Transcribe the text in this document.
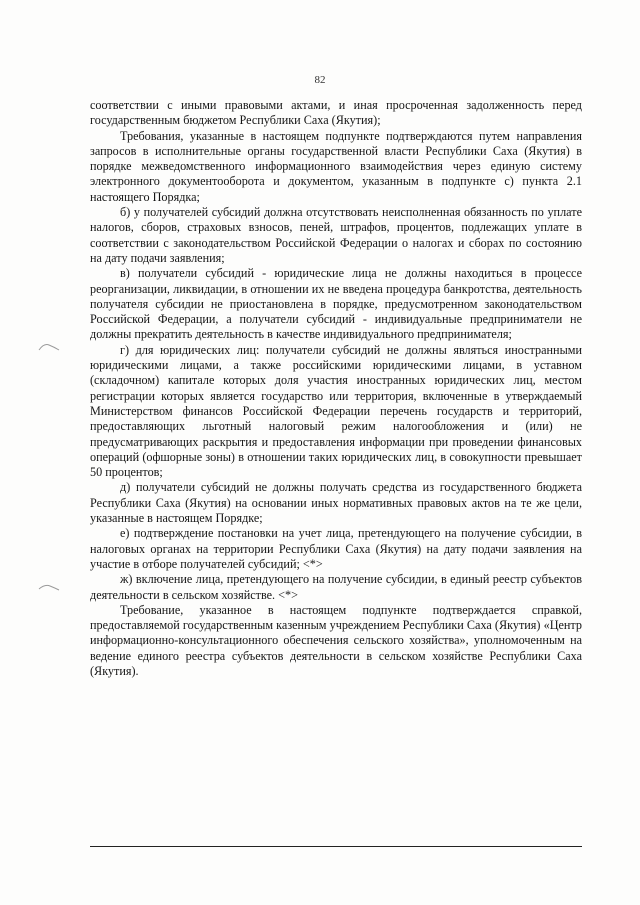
82

соответствии с иными правовыми актами, и иная просроченная задолженность перед государственным бюджетом Республики Саха (Якутия);

Требования, указанные в настоящем подпункте подтверждаются путем направления запросов в исполнительные органы государственной власти Республики Саха (Якутия) в порядке межведомственного информационного взаимодействия через единую систему электронного документооборота и документом, указанным в подпункте с) пункта 2.1 настоящего Порядка;

б) у получателей субсидий должна отсутствовать неисполненная обязанность по уплате налогов, сборов, страховых взносов, пеней, штрафов, процентов, подлежащих уплате в соответствии с законодательством Российской Федерации о налогах и сборах по состоянию на дату подачи заявления;

в) получатели субсидий - юридические лица не должны находиться в процессе реорганизации, ликвидации, в отношении их не введена процедура банкротства, деятельность получателя субсидии не приостановлена в порядке, предусмотренном законодательством Российской Федерации, а получатели субсидий - индивидуальные предприниматели не должны прекратить деятельность в качестве индивидуального предпринимателя;

г) для юридических лиц: получатели субсидий не должны являться иностранными юридическими лицами, а также российскими юридическими лицами, в уставном (складочном) капитале которых доля участия иностранных юридических лиц, местом регистрации которых является государство или территория, включенные в утверждаемый Министерством финансов Российской Федерации перечень государств и территорий, предоставляющих льготный налоговый режим налогообложения и (или) не предусматривающих раскрытия и предоставления информации при проведении финансовых операций (офшорные зоны) в отношении таких юридических лиц, в совокупности превышает 50 процентов;

д) получатели субсидий не должны получать средства из государственного бюджета Республики Саха (Якутия) на основании иных нормативных правовых актов на те же цели, указанные в настоящем Порядке;

е) подтверждение постановки на учет лица, претендующего на получение субсидии, в налоговых органах на территории Республики Саха (Якутия) на дату подачи заявления на участие в отборе получателей субсидий; <*>

ж) включение лица, претендующего на получение субсидии, в единый реестр субъектов деятельности в сельском хозяйстве. <*>

Требование, указанное в настоящем подпункте подтверждается справкой, предоставляемой государственным казенным учреждением Республики Саха (Якутия) «Центр информационно-консультационного обеспечения сельского хозяйства», уполномоченным на ведение единого реестра субъектов деятельности в сельском хозяйстве Республики Саха (Якутия).
